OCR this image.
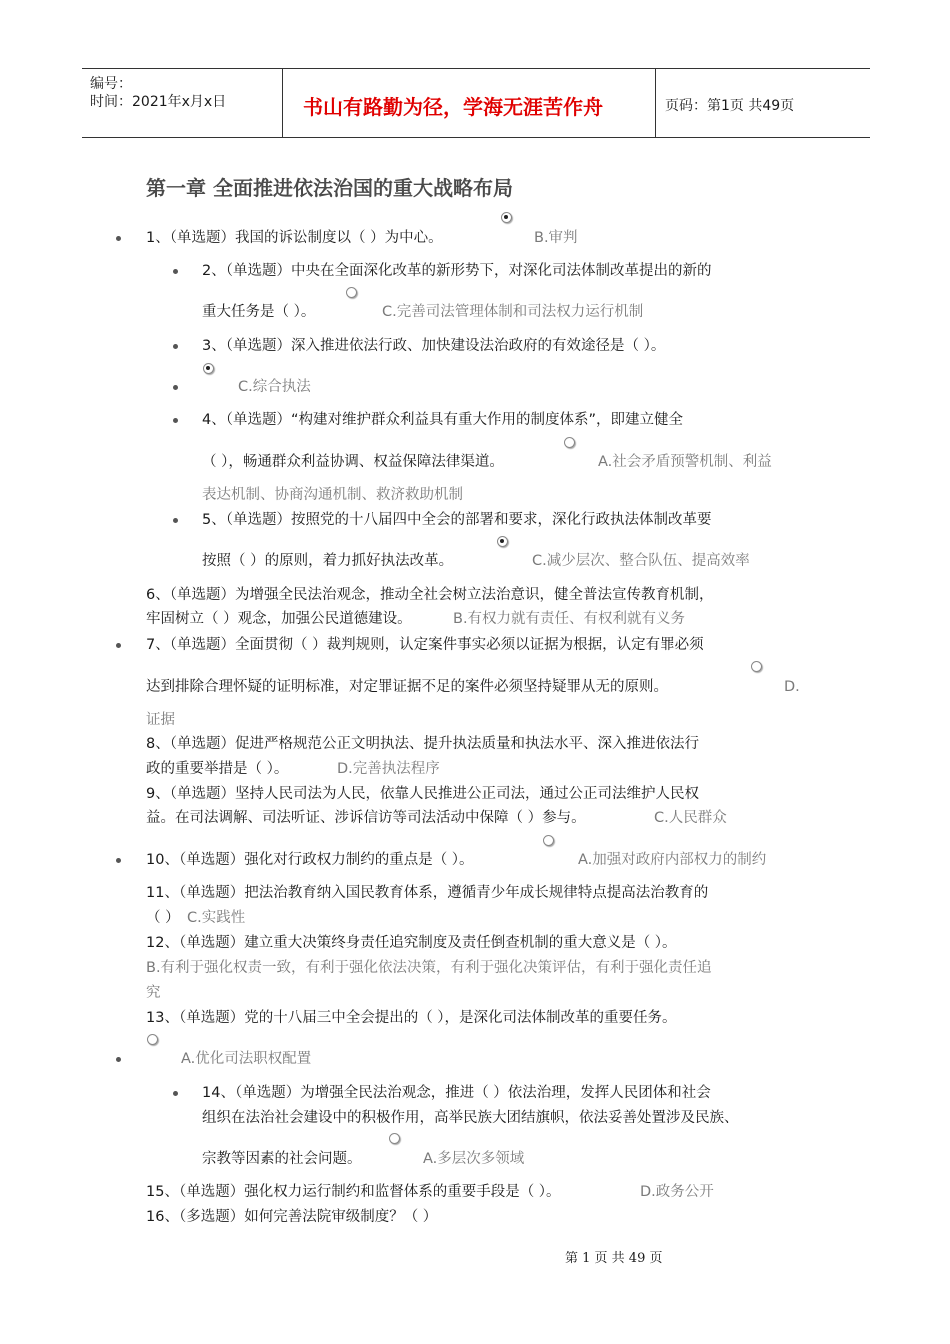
编号：
时间：2021年x月x日	书山有路勤为径，学海无涯苦作舟	页码：第1页 共49页
第一章 全面推进依法治国的重大战略布局
1、（单选题）我国的诉讼制度以（ ）为中心。	B.审判
2、（单选题）中央在全面深化改革的新形势下，对深化司法体制改革提出的新的
重大任务是（ ）。	C.完善司法管理体制和司法权力运行机制
3、（单选题）深入推进依法行政、加快建设法治政府的有效途径是（ ）。
C.综合执法
4、（单选题）“构建对维护群众利益具有重大作用的制度体系”，即建立健全
（ ），畅通群众利益协调、权益保障法律渠道。	A.社会矛盾预警机制、利益
表达机制、协商沟通机制、救济救助机制
5、（单选题）按照党的十八届四中全会的部署和要求，深化行政执法体制改革要
按照（ ）的原则，着力抓好执法改革。	C.减少层次、整合队伍、提高效率
6、（单选题）为增强全民法治观念，推动全社会树立法治意识，健全普法宣传教育机制，
牢固树立（ ）观念，加强公民道德建设。	B.有权力就有责任、有权利就有义务
7、（单选题）全面贯彻（ ）裁判规则，认定案件事实必须以证据为根据，认定有罪必须
达到排除合理怀疑的证明标准，对定罪证据不足的案件必须坚持疑罪从无的原则。	D.
证据
8、（单选题）促进严格规范公正文明执法、提升执法质量和执法水平、深入推进依法行
政的重要举措是（ ）。	D.完善执法程序
9、（单选题）坚持人民司法为人民，依靠人民推进公正司法，通过公正司法维护人民权
益。在司法调解、司法听证、涉诉信访等司法活动中保障（ ）参与。	C.人民群众
10、（单选题）强化对行政权力制约的重点是（ ）。	A.加强对政府内部权力的制约
11、（单选题）把法治教育纳入国民教育体系，遵循青少年成长规律特点提高法治教育的
（ ） C.实践性
12、（单选题）建立重大决策终身责任追究制度及责任倒查机制的重大意义是（ ）。
B.有利于强化权责一致，有利于强化依法决策，有利于强化决策评估，有利于强化责任追
究
13、（单选题）党的十八届三中全会提出的（ ），是深化司法体制改革的重要任务。
A.优化司法职权配置
14、（单选题）为增强全民法治观念，推进（ ）依法治理，发挥人民团体和社会
组织在法治社会建设中的积极作用，高举民族大团结旗帜，依法妥善处置涉及民族、
宗教等因素的社会问题。	A.多层次多领域
15、（单选题）强化权力运行制约和监督体系的重要手段是（ ）。	D.政务公开
16、（多选题）如何完善法院审级制度？（ ）
第 1 页 共 49 页
